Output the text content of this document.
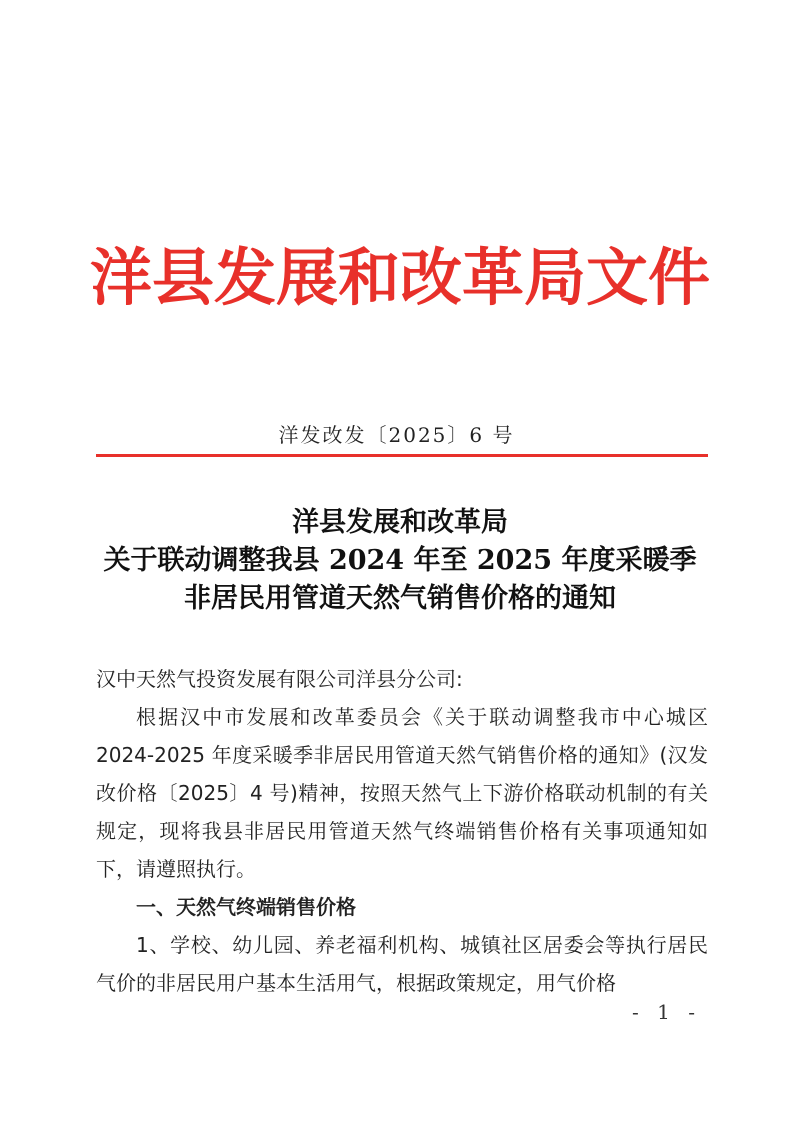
洋县发展和改革局文件
洋发改发〔2025〕6 号
洋县发展和改革局
关于联动调整我县 2024 年至 2025 年度采暖季
非居民用管道天然气销售价格的通知

汉中天然气投资发展有限公司洋县分公司:

根据汉中市发展和改革委员会《关于联动调整我市中心城区 2024-2025 年度采暖季非居民用管道天然气销售价格的通知》(汉发改价格〔2025〕4 号)精神，按照天然气上下游价格联动机制的有关规定，现将我县非居民用管道天然气终端销售价格有关事项通知如下，请遵照执行。

一、天然气终端销售价格

1、学校、幼儿园、养老福利机构、城镇社区居委会等执行居民气价的非居民用户基本生活用气，根据政策规定，用气价格

- 1 -
